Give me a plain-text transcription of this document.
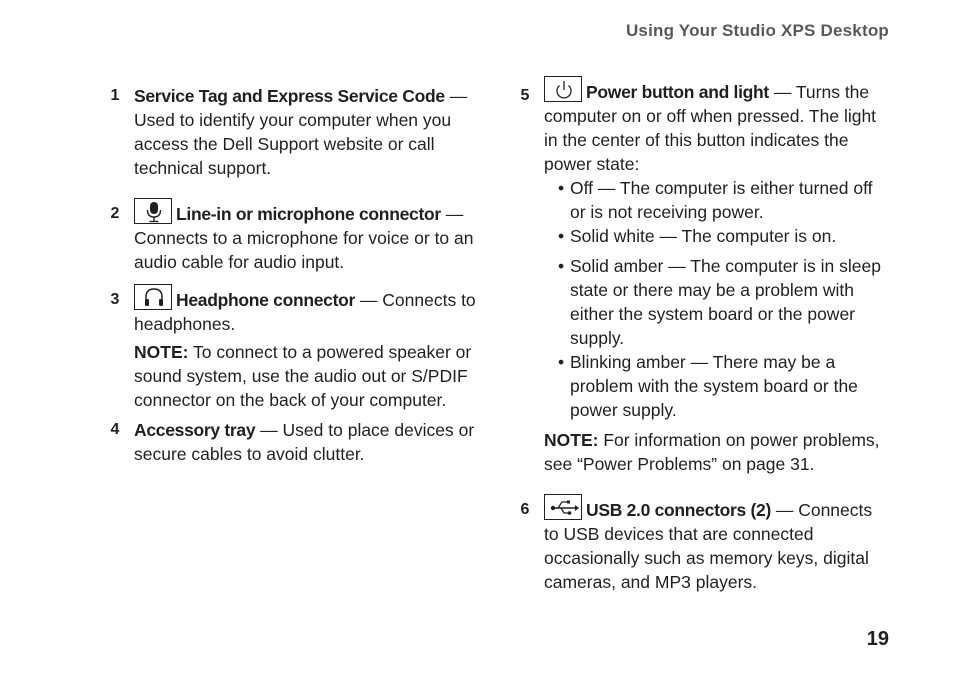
Using Your Studio XPS Desktop
1 Service Tag and Express Service Code — Used to identify your computer when you access the Dell Support website or call technical support.
2	Line-in or microphone connector — Connects to a microphone for voice or to an audio cable for audio input.
3	Headphone connector — Connects to headphones.
NOTE: To connect to a powered speaker or sound system, use the audio out or S/PDIF connector on the back of your computer.
4 Accessory tray — Used to place devices or secure cables to avoid clutter.
5	Power button and light — Turns the computer on or off when pressed. The light in the center of this button indicates the power state:
• Off — The computer is either turned off or is not receiving power.
• Solid white — The computer is on.
• Solid amber — The computer is in sleep state or there may be a problem with either the system board or the power supply.
• Blinking amber — There may be a problem with the system board or the power supply.
NOTE: For information on power problems, see “Power Problems” on page 31.
6	USB 2.0 connectors (2) — Connects to USB devices that are connected occasionally such as memory keys, digital cameras, and MP3 players.
19
